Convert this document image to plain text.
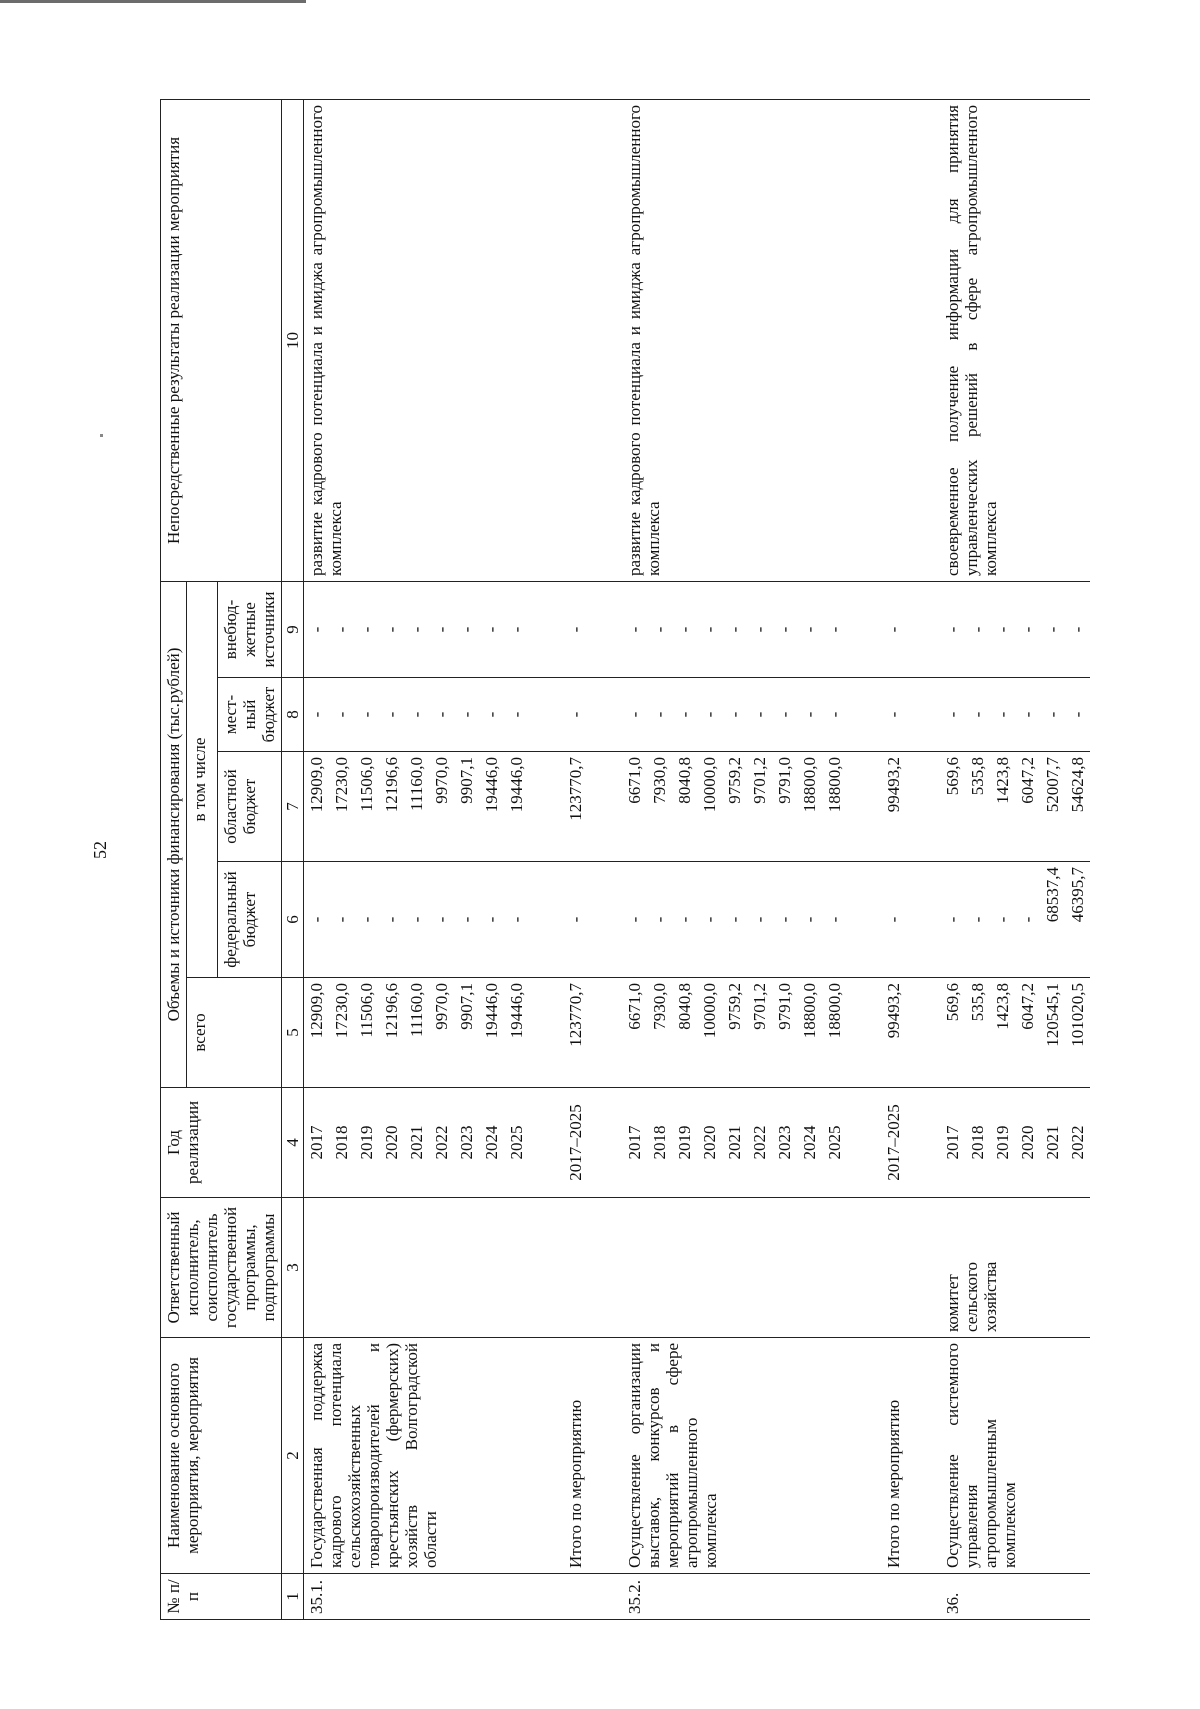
52
№ п/п	Наименование основного мероприятия, мероприятия	Ответственный исполнитель, соисполнитель государственной программы, подпрограммы	Год реализации	Объемы и источники финансирования (тыс.рублей)					Непосредственные результаты реализации мероприятия
				всего	в том числе				
					федеральный бюджет	областной бюджет	мест-ный бюджет	внебюд-жетные источники	
1	2	3	4	5	6	7	8	9	10
35.1.	Государственная поддержка кадрового потенциала сельскохозяйственных товаропроизводителей и крестьянских (фермерских) хозяйств Волгоградской области		2017	12909,0	-	12909,0	-	-	развитие кадрового потенциала и имиджа агропромышленного комплекса
			2018	17230,0	-	17230,0	-	-	
			2019	11506,0	-	11506,0	-	-	
			2020	12196,6	-	12196,6	-	-	
			2021	11160,0	-	11160,0	-	-	
			2022	9970,0	-	9970,0	-	-	
			2023	9907,1	-	9907,1	-	-	
			2024	19446,0	-	19446,0	-	-	
			2025	19446,0	-	19446,0	-	-	

	Итого по мероприятию		2017–2025	123770,7	-	123770,7	-	-	

35.2.	Осуществление организации выставок, конкурсов и мероприятий в сфере агропромышленного комплекса		2017	6671,0	-	6671,0	-	-	развитие кадрового потенциала и имиджа агропромышленного комплекса
			2018	7930,0	-	7930,0	-	-	
			2019	8040,8	-	8040,8	-	-	
			2020	10000,0	-	10000,0	-	-	
			2021	9759,2	-	9759,2	-	-	
			2022	9701,2	-	9701,2	-	-	
			2023	9791,0	-	9791,0	-	-	
			2024	18800,0	-	18800,0	-	-	
			2025	18800,0	-	18800,0	-	-	

	Итого по мероприятию		2017–2025	99493,2	-	99493,2	-	-	

36.	Осуществление системного управления агропромышленным комплексом	комитет сельского хозяйства	2017	569,6	-	569,6	-	-	своевременное получение информации для принятия управленческих решений в сфере агропромышленного комплекса
			2018	535,8	-	535,8	-	-	
			2019	1423,8	-	1423,8	-	-	
			2020	6047,2	-	6047,2	-	-	
			2021	120545,1	68537,4	52007,7	-	-	
			2022	101020,5	46395,7	54624,8	-	-	
